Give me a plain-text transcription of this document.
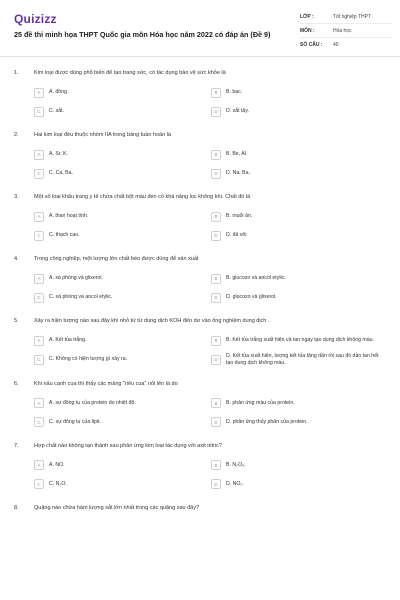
Quizizz
25 đề thi minh họa THPT Quốc gia môn Hóa học năm 2022 có đáp án (Đề 9)
LỚP :	Tốt nghiệp THPT
MÔN :	Hóa học
SỐ CÂU :	40
1.	Kim loại được dùng phổ biến để tạo trang sức, có tác dụng bảo vệ sức khỏe là
A	A. đồng.	B	B. bạc.
C	C. sắt.	D	D. sắt tây.
2.	Hai kim loại đều thuộc nhóm IIA trong bảng tuần hoàn là
A	A. Sr, K.	B	B. Be, Al.
C	C. Ca, Ba.	D	D. Na, Ba.
3.	Một số loại khẩu trang y tế chứa chất bột màu đen có khả năng lọc không khí. Chất đó là
A	A. than hoạt tính.	B	B. muối ăn.
C	C. thạch cao.	D	D. đá vôi
4.	Trong công nghiệp, một lượng lớn chất béo được dùng để sản xuất
A	A. xà phòng và glixerol.	B	B. glucozo và ancol etylic.
C	C. xà phòng và ancol etylic.	D	D. glucozo và glixerol.
5.	Xảy ra hiện tượng nào sau đây khi nhỏ từ từ dung dịch KOH đến dư vào ống nghiệm dung dịch .
A	A. Kết tủa trắng.	B	B. Kết tủa trắng xuất hiện và tan ngay tạo dung dịch không màu.
C	C. Không có hiện tượng gì xảy ra.	D
D. Kết tủa xuất hiện, lượng kết tủa tăng dần rồi sau đó dần tan hết tạo dung dịch không màu.
6.	Khi nấu canh cua thì thấy các mảng "riêu cua" nổi lên là do
A	A. sự đông tụ của protein do nhiệt độ.	B	B. phản ứng màu của protein.
C	C. sự đông tụ của lipit.	D	D. phản ứng thủy phân của protein.
7.	Hợp chất nào không tạo thành sau phản ứng kim loại tác dụng với axit nitric?
A	A. NO.	B	B. N₂O₅.
C	C. N₂O.	D	D. NO₂.
8.	Quặng nào chứa hàm lượng sắt lớn nhất trong các quặng sau đây?
